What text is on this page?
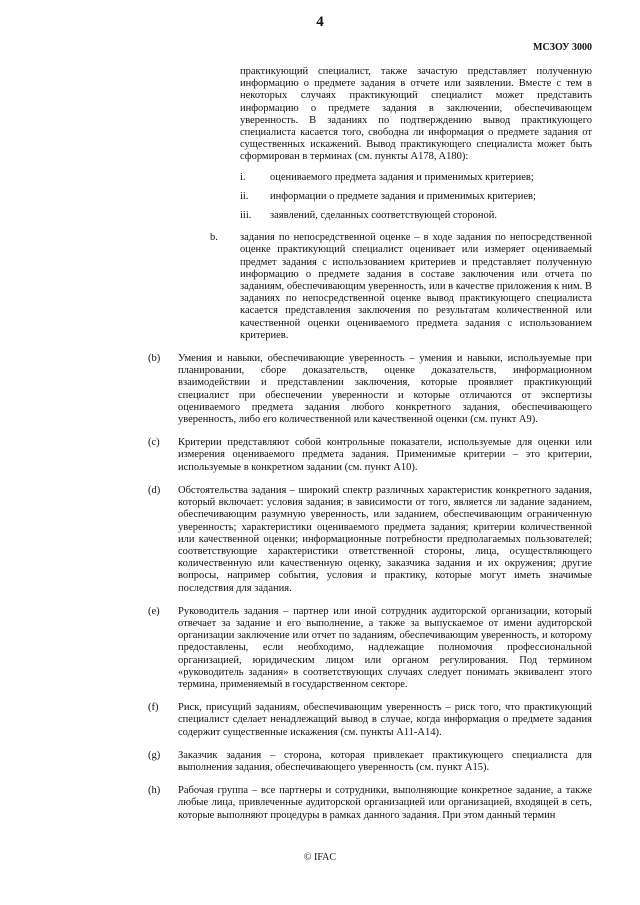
4
МСЗОУ 3000
практикующий специалист, также зачастую представляет полученную информацию о предмете задания в отчете или заявлении. Вместе с тем в некоторых случаях практикующий специалист может представить информацию о предмете задания в заключении, обеспечивающем уверенность. В заданиях по подтверждению вывод практикующего специалиста касается того, свободна ли информация о предмете задания от существенных искажений. Вывод практикующего специалиста может быть сформирован в терминах (см. пункты A178, A180):
i. оцениваемого предмета задания и применимых критериев;
ii. информации о предмете задания и применимых критериев;
iii. заявлений, сделанных соответствующей стороной.
b. задания по непосредственной оценке – в ходе задания по непосредственной оценке практикующий специалист оценивает или измеряет оцениваемый предмет задания с использованием критериев и представляет полученную информацию о предмете задания в составе заключения или отчета по заданиям, обеспечивающим уверенность, или в качестве приложения к ним. В заданиях по непосредственной оценке вывод практикующего специалиста касается представления заключения по результатам количественной или качественной оценки оцениваемого предмета задания с использованием критериев.
(b) Умения и навыки, обеспечивающие уверенность – умения и навыки, используемые при планировании, сборе доказательств, оценке доказательств, информационном взаимодействии и представлении заключения, которые проявляет практикующий специалист при обеспечении уверенности и которые отличаются от экспертизы оцениваемого предмета задания любого конкретного задания, обеспечивающего уверенность, либо его количественной или качественной оценки (см. пункт A9).
(c) Критерии представляют собой контрольные показатели, используемые для оценки или измерения оцениваемого предмета задания. Применимые критерии – это критерии, используемые в конкретном задании (см. пункт A10).
(d) Обстоятельства задания – широкий спектр различных характеристик конкретного задания, который включает: условия задания; в зависимости от того, является ли задание заданием, обеспечивающим разумную уверенность, или заданием, обеспечивающим ограниченную уверенность; характеристики оцениваемого предмета задания; критерии количественной или качественной оценки; информационные потребности предполагаемых пользователей; соответствующие характеристики ответственной стороны, лица, осуществляющего количественную или качественную оценку, заказчика задания и их окружения; другие вопросы, например события, условия и практику, которые могут иметь значимые последствия для задания.
(e) Руководитель задания – партнер или иной сотрудник аудиторской организации, который отвечает за задание и его выполнение, а также за выпускаемое от имени аудиторской организации заключение или отчет по заданиям, обеспечивающим уверенность, и которому предоставлены, если необходимо, надлежащие полномочия профессиональной организацией, юридическим лицом или органом регулирования. Под термином «руководитель задания» в соответствующих случаях следует понимать эквивалент этого термина, применяемый в государственном секторе.
(f) Риск, присущий заданиям, обеспечивающим уверенность – риск того, что практикующий специалист сделает ненадлежащий вывод в случае, когда информация о предмете задания содержит существенные искажения (см. пункты A11-A14).
(g) Заказчик задания – сторона, которая привлекает практикующего специалиста для выполнения задания, обеспечивающего уверенность (см. пункт A15).
(h) Рабочая группа – все партнеры и сотрудники, выполняющие конкретное задание, а также любые лица, привлеченные аудиторской организацией или организацией, входящей в сеть, которые выполняют процедуры в рамках данного задания. При этом данный термин
© IFAC
